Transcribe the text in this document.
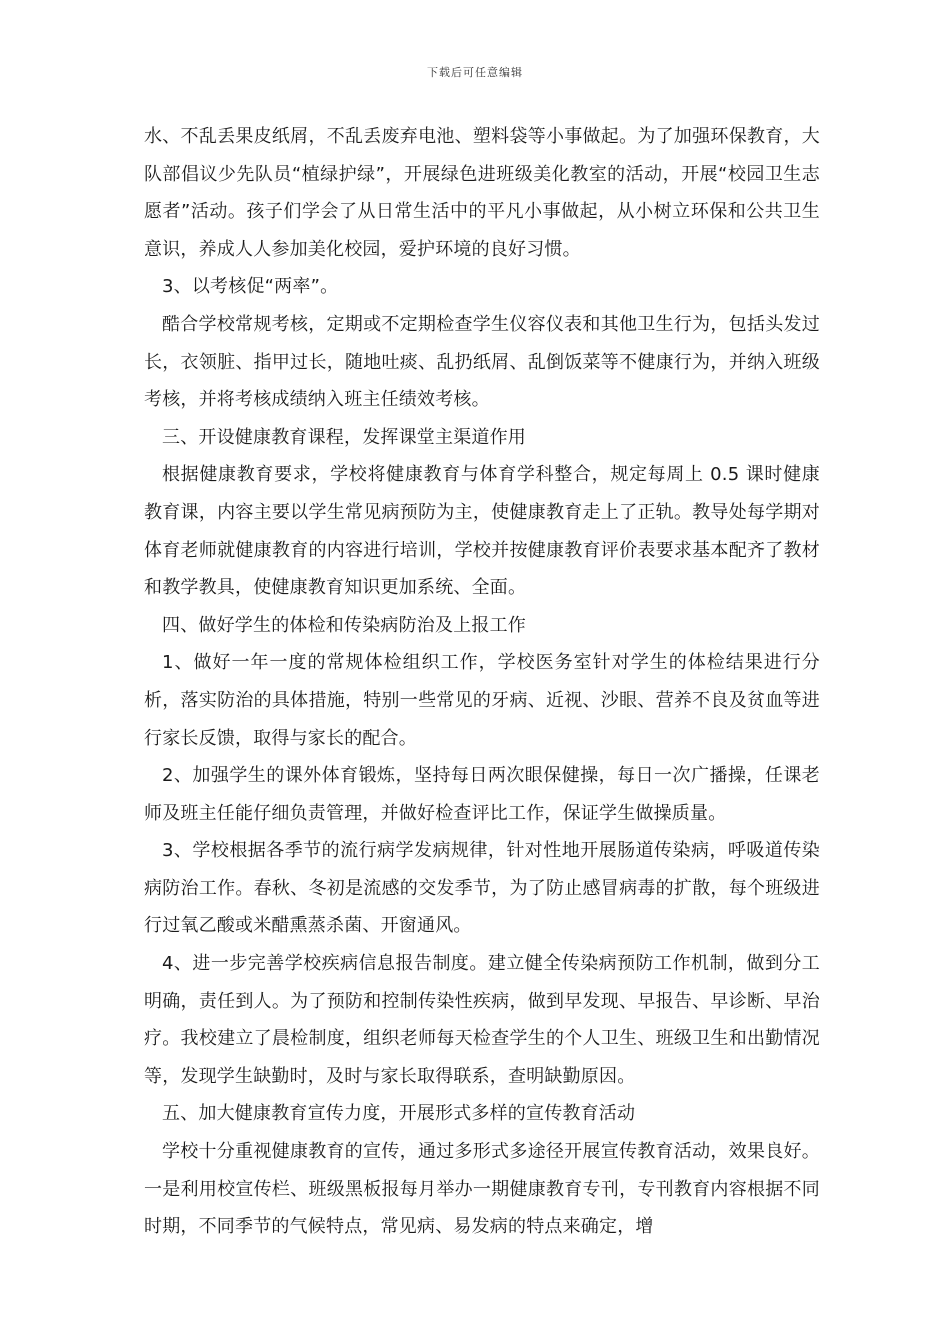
下载后可任意编辑

水、不乱丢果皮纸屑，不乱丢废弃电池、塑料袋等小事做起。为了加强环保教育，大队部倡议少先队员“植绿护绿”，开展绿色进班级美化教室的活动，开展“校园卫生志愿者”活动。孩子们学会了从日常生活中的平凡小事做起，从小树立环保和公共卫生意识，养成人人参加美化校园，爱护环境的良好习惯。

3、以考核促“两率”。

酷合学校常规考核，定期或不定期检查学生仪容仪表和其他卫生行为，包括头发过长，衣领脏、指甲过长，随地吐痰、乱扔纸屑、乱倒饭菜等不健康行为，并纳入班级考核，并将考核成绩纳入班主任绩效考核。

三、开设健康教育课程，发挥课堂主渠道作用

根据健康教育要求，学校将健康教育与体育学科整合，规定每周上 0.5 课时健康教育课，内容主要以学生常见病预防为主，使健康教育走上了正轨。教导处每学期对体育老师就健康教育的内容进行培训，学校并按健康教育评价表要求基本配齐了教材和教学教具，使健康教育知识更加系统、全面。

四、做好学生的体检和传染病防治及上报工作

1、做好一年一度的常规体检组织工作，学校医务室针对学生的体检结果进行分析，落实防治的具体措施，特别一些常见的牙病、近视、沙眼、营养不良及贫血等进行家长反馈，取得与家长的配合。

2、加强学生的课外体育锻炼，坚持每日两次眼保健操，每日一次广播操，任课老师及班主任能仔细负责管理，并做好检查评比工作，保证学生做操质量。

3、学校根据各季节的流行病学发病规律，针对性地开展肠道传染病，呼吸道传染病防治工作。春秋、冬初是流感的交发季节，为了防止感冒病毒的扩散，每个班级进行过氧乙酸或米醋熏蒸杀菌、开窗通风。

4、进一步完善学校疾病信息报告制度。建立健全传染病预防工作机制，做到分工明确，责任到人。为了预防和控制传染性疾病，做到早发现、早报告、早诊断、早治疗。我校建立了晨检制度，组织老师每天检查学生的个人卫生、班级卫生和出勤情况等，发现学生缺勤时，及时与家长取得联系，查明缺勤原因。

五、加大健康教育宣传力度，开展形式多样的宣传教育活动

学校十分重视健康教育的宣传，通过多形式多途径开展宣传教育活动，效果良好。 一是利用校宣传栏、班级黑板报每月举办一期健康教育专刊，专刊教育内容根据不同时期，不同季节的气候特点，常见病、易发病的特点来确定，增
